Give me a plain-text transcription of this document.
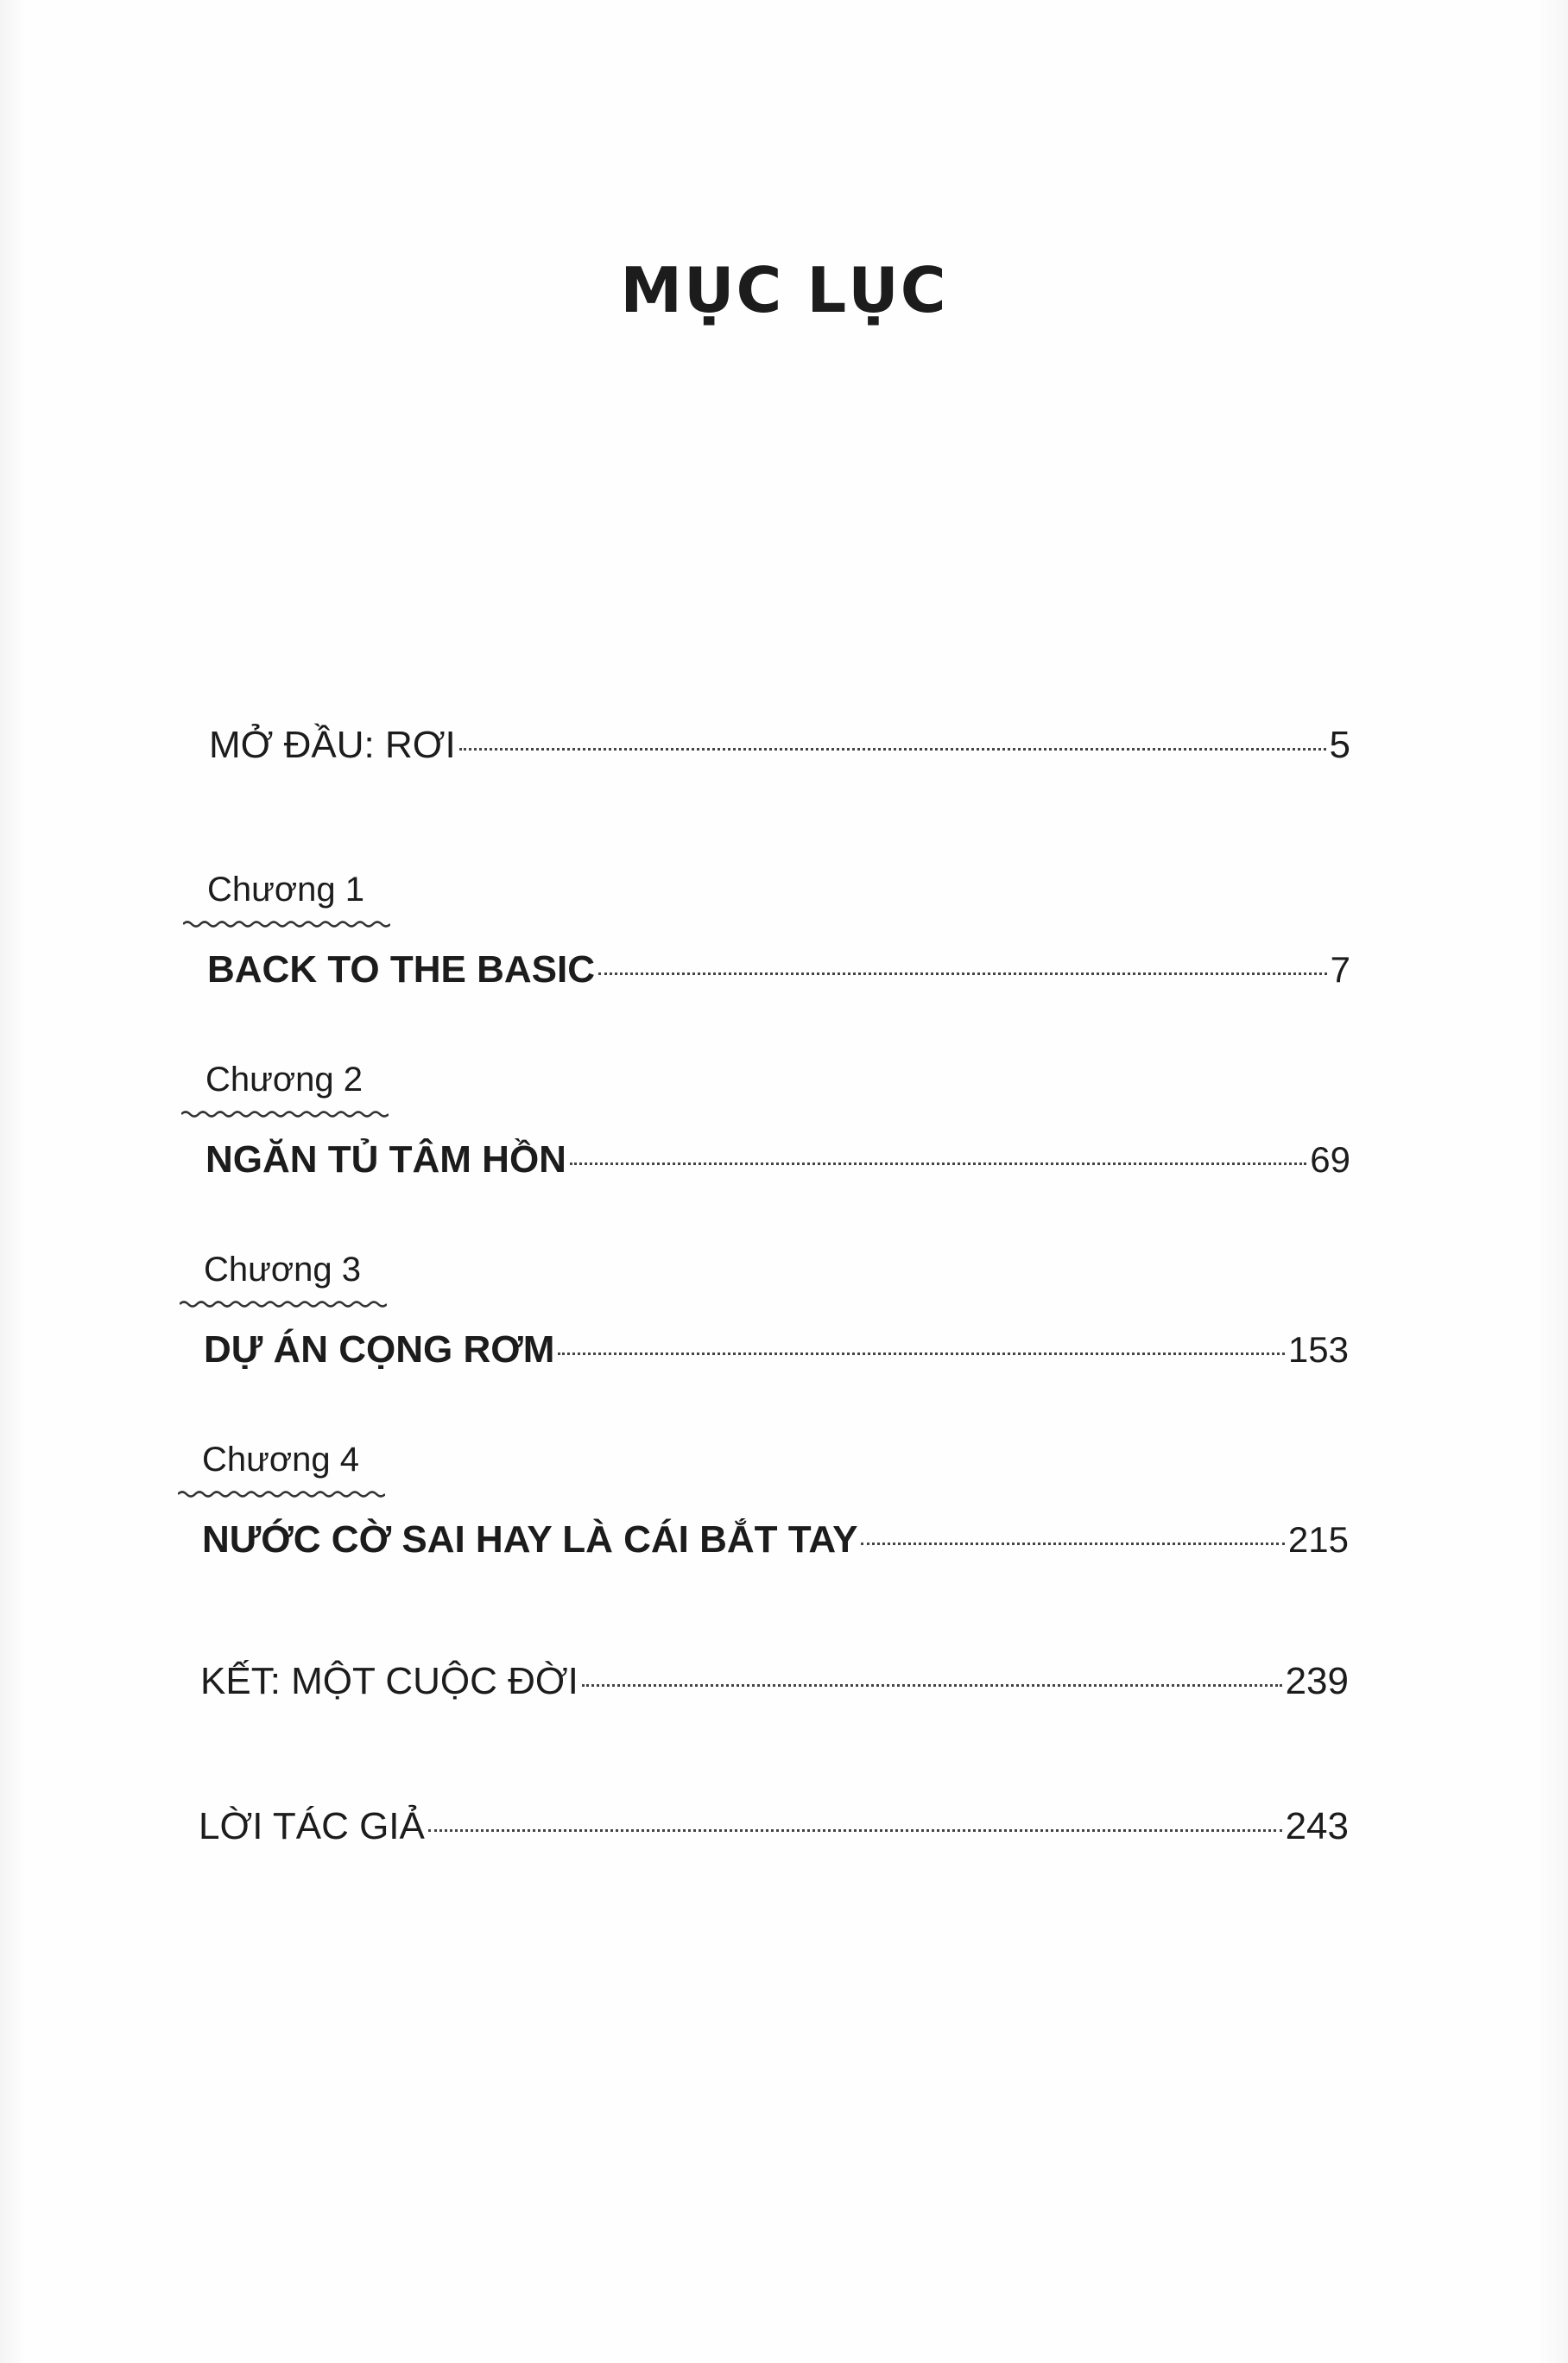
MỤC LỤC
MỞ ĐẦU: RƠI	5
Chương 1
BACK TO THE BASIC	7
Chương 2
NGĂN TỦ TÂM HỒN	69
Chương 3
DỰ ÁN CỌNG RƠM	153
Chương 4
NƯỚC CỜ SAI HAY LÀ CÁI BẮT TAY	215
KẾT: MỘT CUỘC ĐỜI	239
LỜI TÁC GIẢ	243
